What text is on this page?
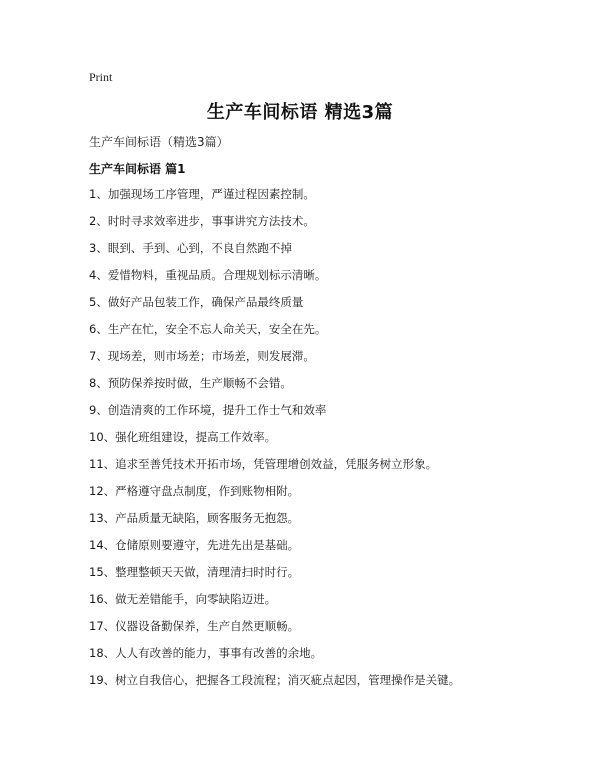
Print
生产车间标语 精选3篇
生产车间标语（精选3篇）
生产车间标语 篇1
1、加强现场工序管理，严谨过程因素控制。
2、时时寻求效率进步，事事讲究方法技术。
3、眼到、手到、心到，不良自然跑不掉
4、爱惜物料，重视品质。合理规划标示清晰。
5、做好产品包装工作，确保产品最终质量
6、生产在忙，安全不忘人命关天，安全在先。
7、现场差，则市场差；市场差，则发展滞。
8、预防保养按时做，生产顺畅不会错。
9、创造清爽的工作环境，提升工作士气和效率
10、强化班组建设，提高工作效率。
11、追求至善凭技术开拓市场，凭管理增创效益，凭服务树立形象。
12、严格遵守盘点制度，作到账物相附。
13、产品质量无缺陷，顾客服务无抱怨。
14、仓储原则要遵守，先进先出是基础。
15、整理整顿天天做，清理清扫时时行。
16、做无差错能手，向零缺陷迈进。
17、仪器设备勤保养，生产自然更顺畅。
18、人人有改善的能力，事事有改善的余地。
19、树立自我信心，把握各工段流程；消灭疵点起因，管理操作是关键。
